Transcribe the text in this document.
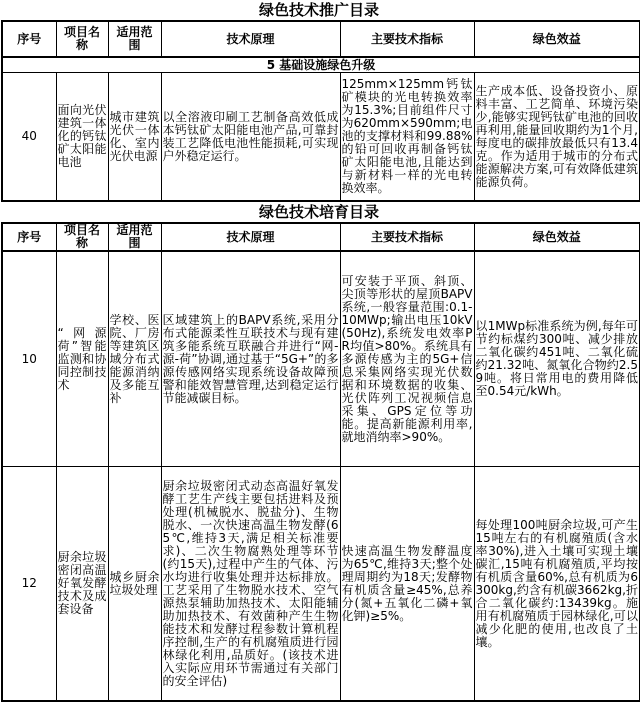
绿色技术推广目录
序号	项目名称	适用范围	技术原理	主要技术指标	绿色效益
5 基础设施绿色升级					
40	面向光伏建筑一体化的钙钛矿太阳能电池	城市建筑光伏一体化、室内光伏电源	以全溶液印刷工艺制备高效低成本钙钛矿太阳能电池产品,可靠封装工艺降低电池性能损耗,可实现户外稳定运行。	125mm×125mm钙钛矿模块的光电转换效率为15.3%;目前组件尺寸为620mm×590mm;电池的支撑材料和99.88%的铅可回收再制备钙钛矿太阳能电池,且能达到与新材料一样的光电转换效率。	生产成本低、设备投资小、原料丰富、工艺简单、环境污染少,能够实现钙钛矿电池的回收再利用,能量回收期约为1个月,每度电的碳排放最低只有13.4克。作为适用于城市的分布式能源解决方案,可有效降低建筑能源负荷。
绿色技术培育目录
序号	项目名称	适用范围	技术原理	主要技术指标	绿色效益
10	“网源荷”智能监测和协同控制技术	学校、医院、厂房等建筑区域分布式能源消纳及多能互补	区域建筑上的BAPV系统,采用分布式能源柔性互联技术与现有建筑多能系统互联融合并进行“网-源-荷”协调,通过基于“5G+”的多源传感网络实现系统设备故障预警和能效智慧管理,达到稳定运行节能减碳目标。	可安装于平顶、斜顶、尖顶等形状的屋顶BAPV系统,一般容量范围:0.1-10MWp;输出电压10kV(50Hz),系统发电效率PR均值>80%。系统具有多源传感为主的5G+信息采集网络实现光伏数据和环境数据的收集、光伏阵列工况视频信息采集、GPS定位等功能。提高新能源利用率,就地消纳率>90%。	以1MWp标准系统为例,每年可节约标煤约300吨、减少排放二氧化碳约451吨、二氧化硫约21.32吨、氮氧化合物约2.59吨。将日常用电的费用降低至0.54元/kWh。
12	厨余垃圾密闭高温好氧发酵技术及成套设备	城乡厨余垃圾处理	厨余垃圾密闭式动态高温好氧发酵工艺生产线主要包括进料及预处理(机械脱水、脱盐分)、生物脱水、一次快速高温生物发酵(65℃,维持3天,满足相关标准要求)、二次生物腐熟处理等环节(约15天),过程中产生的气体、污水均进行收集处理并达标排放。工艺采用了生物脱水技术、空气源热泵辅助加热技术、太阳能辅助加热技术、有效菌种产生生物能技术和发酵过程参数计算机程序控制,生产的有机腐殖质进行园林绿化利用,品质好。(该技术进入实际应用环节需通过有关部门的安全评估)	快速高温生物发酵温度为65℃,维持3天;整个处理周期约为18天;发酵物有机质含量≥45%,总养分(氮+五氧化二磷+氧化钾)≥5%。	每处理100吨厨余垃圾,可产生15吨左右的有机腐殖质(含水率30%),进入土壤可实现土壤碳汇,15吨有机腐殖质,平均按有机质含量60%,总有机质为6300kg,约含有机碳3662kg,折合二氧化碳约:13439kg。施用有机腐殖质于园林绿化,可以减少化肥的使用,也改良了土壤。
